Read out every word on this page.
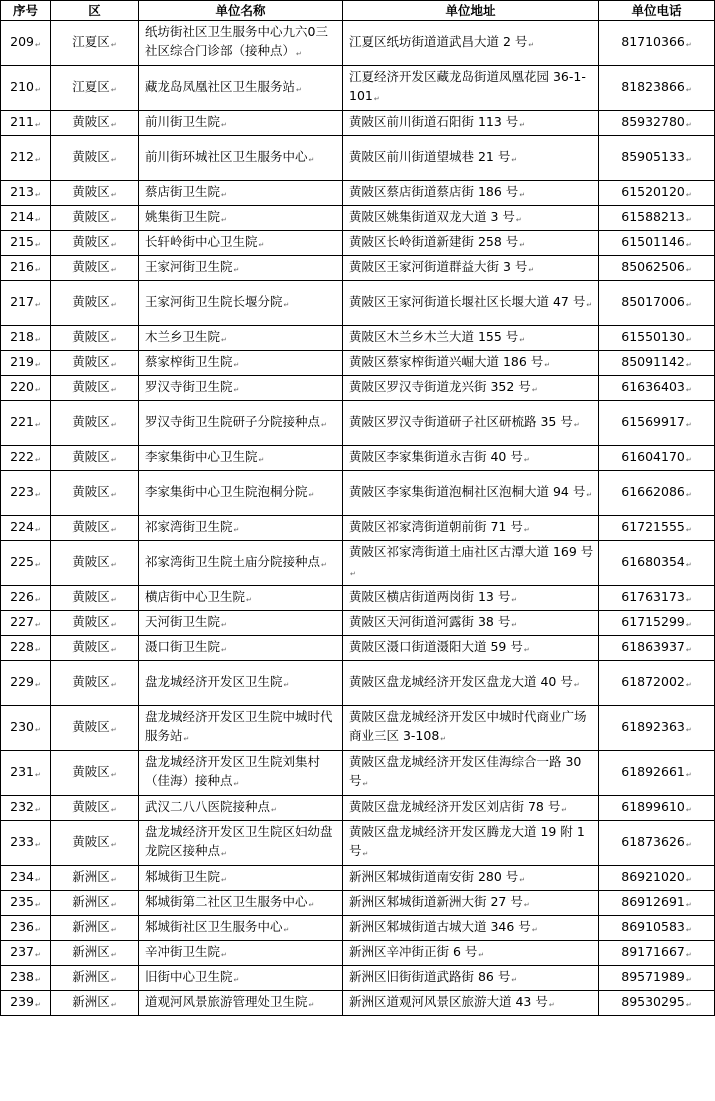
序号	区	单位名称	单位地址	单位电话
209↵	江夏区↵	纸坊街社区卫生服务中心九六0三社区综合门诊部（接种点）↵	江夏区纸坊街道道武昌大道 2 号↵	81710366↵
210↵	江夏区↵	藏龙岛凤凰社区卫生服务站↵	江夏经济开发区藏龙岛街道凤凰花园 36-1-101↵	81823866↵
211↵	黄陂区↵	前川街卫生院↵	黄陂区前川街道石阳街 113 号↵	85932780↵
212↵	黄陂区↵	前川街环城社区卫生服务中心↵	黄陂区前川街道望城巷 21 号↵	85905133↵
213↵	黄陂区↵	蔡店街卫生院↵	黄陂区蔡店街道蔡店街 186 号↵	61520120↵
214↵	黄陂区↵	姚集街卫生院↵	黄陂区姚集街道双龙大道 3 号↵	61588213↵
215↵	黄陂区↵	长轩岭街中心卫生院↵	黄陂区长岭街道新建街 258 号↵	61501146↵
216↵	黄陂区↵	王家河街卫生院↵	黄陂区王家河街道群益大街 3 号↵	85062506↵
217↵	黄陂区↵	王家河街卫生院长堰分院↵	黄陂区王家河街道长堰社区长堰大道 47 号↵	85017006↵
218↵	黄陂区↵	木兰乡卫生院↵	黄陂区木兰乡木兰大道 155 号↵	61550130↵
219↵	黄陂区↵	蔡家榨街卫生院↵	黄陂区蔡家榨街道兴崛大道 186 号↵	85091142↵
220↵	黄陂区↵	罗汉寺街卫生院↵	黄陂区罗汉寺街道龙兴街 352 号↵	61636403↵
221↵	黄陂区↵	罗汉寺街卫生院研子分院接种点↵	黄陂区罗汉寺街道研子社区研梳路 35 号↵	61569917↵
222↵	黄陂区↵	李家集街中心卫生院↵	黄陂区李家集街道永吉街 40 号↵	61604170↵
223↵	黄陂区↵	李家集街中心卫生院泡桐分院↵	黄陂区李家集街道泡桐社区泡桐大道 94 号↵	61662086↵
224↵	黄陂区↵	祁家湾街卫生院↵	黄陂区祁家湾街道朝前街 71 号↵	61721555↵
225↵	黄陂区↵	祁家湾街卫生院土庙分院接种点↵	黄陂区祁家湾街道土庙社区古潭大道 169 号↵	61680354↵
226↵	黄陂区↵	横店街中心卫生院↵	黄陂区横店街道两岗街 13 号↵	61763173↵
227↵	黄陂区↵	天河街卫生院↵	黄陂区天河街道河露街 38 号↵	61715299↵
228↵	黄陂区↵	滠口街卫生院↵	黄陂区滠口街道滠阳大道 59 号↵	61863937↵
229↵	黄陂区↵	盘龙城经济开发区卫生院↵	黄陂区盘龙城经济开发区盘龙大道 40 号↵	61872002↵
230↵	黄陂区↵	盘龙城经济开发区卫生院中城时代服务站↵	黄陂区盘龙城经济开发区中城时代商业广场商业三区 3-108↵	61892363↵
231↵	黄陂区↵	盘龙城经济开发区卫生院刘集村（佳海）接种点↵	黄陂区盘龙城经济开发区佳海综合一路 30 号↵	61892661↵
232↵	黄陂区↵	武汉二八八医院接种点↵	黄陂区盘龙城经济开发区刘店街 78 号↵	61899610↵
233↵	黄陂区↵	盘龙城经济开发区卫生院区妇幼盘龙院区接种点↵	黄陂区盘龙城经济开发区腾龙大道 19 附 1 号↵	61873626↵
234↵	新洲区↵	邾城街卫生院↵	新洲区邾城街道南安街 280 号↵	86921020↵
235↵	新洲区↵	邾城街第二社区卫生服务中心↵	新洲区邾城街道新洲大街 27 号↵	86912691↵
236↵	新洲区↵	邾城街社区卫生服务中心↵	新洲区邾城街道古城大道 346 号↵	86910583↵
237↵	新洲区↵	辛冲街卫生院↵	新洲区辛冲街正街 6 号↵	89171667↵
238↵	新洲区↵	旧街中心卫生院↵	新洲区旧街街道武路街 86 号↵	89571989↵
239↵	新洲区↵	道观河风景旅游管理处卫生院↵	新洲区道观河风景区旅游大道 43 号↵	89530295↵
